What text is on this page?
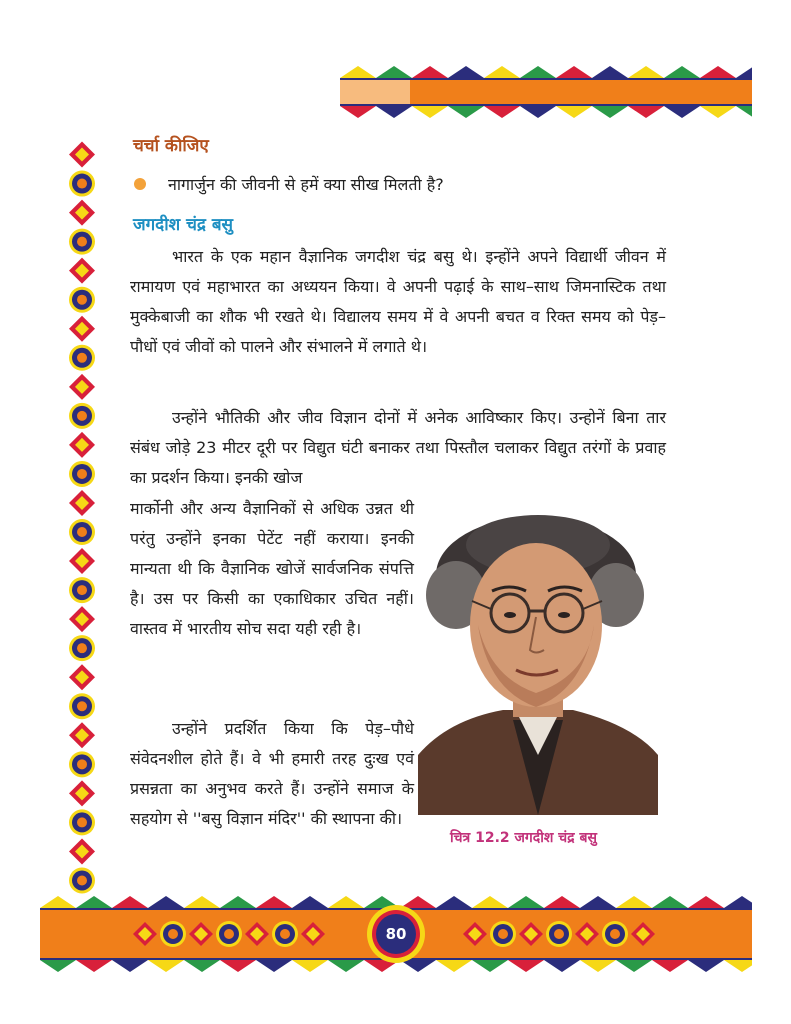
चर्चा कीजिए
नागार्जुन की जीवनी से हमें क्या सीख मिलती है?
जगदीश चंद्र बसु

भारत के एक महान वैज्ञानिक जगदीश चंद्र बसु थे। इन्होंने अपने विद्यार्थी जीवन में रामायण एवं महाभारत का अध्ययन किया। वे अपनी पढ़ाई के साथ–साथ जिमनास्टिक तथा मुक्केबाजी का शौक भी रखते थे। विद्यालय समय में वे अपनी बचत व रिक्त समय को पेड़–पौधों एवं जीवों को पालने और संभालने में लगाते थे।

उन्होंने भौतिकी और जीव विज्ञान दोनों में अनेक आविष्कार किए। उन्होनें बिना तार संबंध जोड़े 23 मीटर दूरी पर विद्युत घंटी बनाकर तथा पिस्तौल चलाकर विद्युत तरंगों के प्रवाह का प्रदर्शन किया। इनकी खोज

मार्कोनी और अन्य वैज्ञानिकों से अधिक उन्नत थी परंतु उन्होंने इनका पेटेंट नहीं कराया। इनकी मान्यता थी कि वैज्ञानिक खोजें सार्वजनिक संपत्ति है। उस पर किसी का एकाधिकार उचित नहीं। वास्तव में भारतीय सोच सदा यही रही है।

उन्होंने प्रदर्शित किया कि पेड़–पौधे संवेदनशील होते हैं। वे भी हमारी तरह दुःख एवं प्रसन्नता का अनुभव करते हैं। उन्होंने समाज के सहयोग से ''बसु विज्ञान मंदिर'' की स्थापना की।

चित्र 12.2 जगदीश चंद्र बसु
80
